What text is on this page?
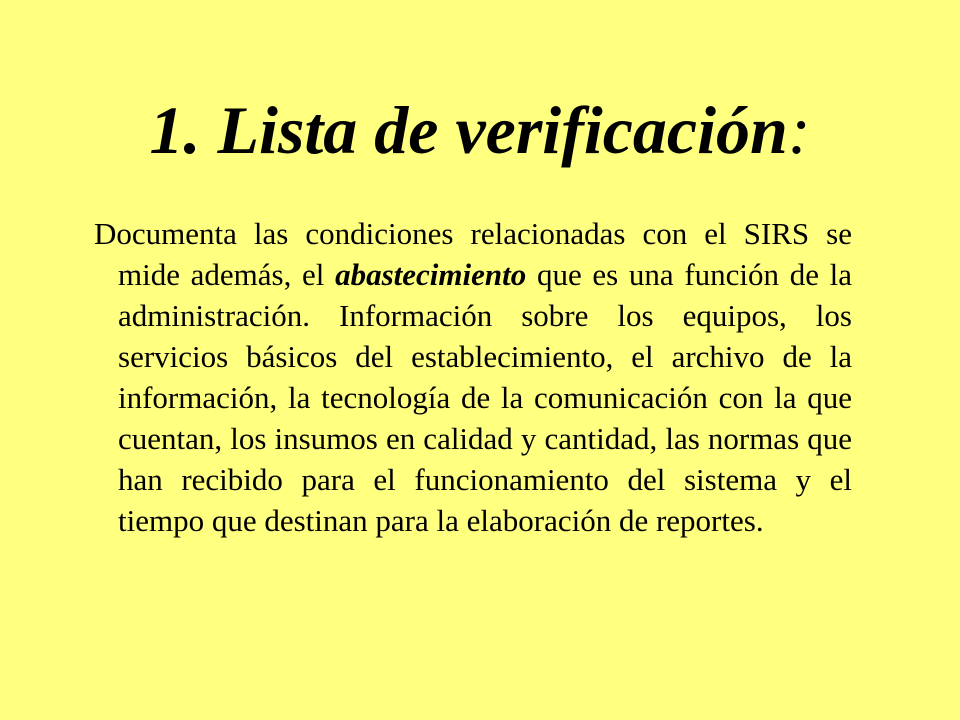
1. Lista de verificación:

Documenta las condiciones relacionadas con el SIRS se mide además, el abastecimiento que es una función de la administración. Información sobre los equipos, los servicios básicos del establecimiento, el archivo de la información, la tecnología de la comunicación con la que cuentan, los insumos en calidad y cantidad, las normas que han recibido para el funcionamiento del sistema y el tiempo que destinan para la elaboración de reportes.
